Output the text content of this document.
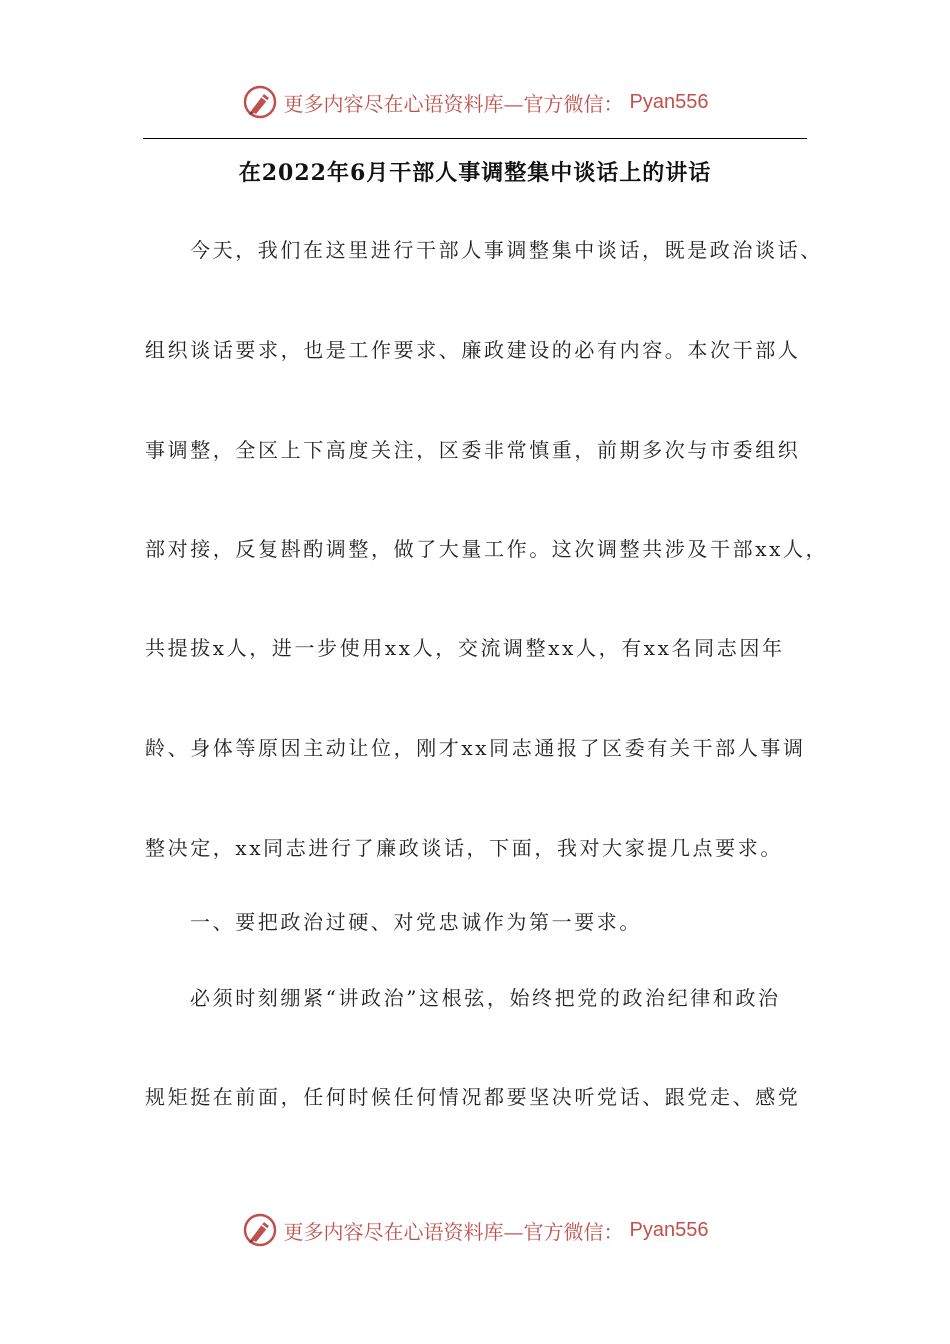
更多内容尽在心语资料库—官方微信： Pyan556
在2022年6月干部人事调整集中谈话上的讲话
今天，我们在这里进行干部人事调整集中谈话，既是政治谈话、
组织谈话要求，也是工作要求、廉政建设的必有内容。本次干部人
事调整，全区上下高度关注，区委非常慎重，前期多次与市委组织
部对接，反复斟酌调整，做了大量工作。这次调整共涉及干部xx人，
共提拔x人，进一步使用xx人，交流调整xx人，有xx名同志因年
龄、身体等原因主动让位，刚才xx同志通报了区委有关干部人事调
整决定，xx同志进行了廉政谈话，下面，我对大家提几点要求。
一、要把政治过硬、对党忠诚作为第一要求。
必须时刻绷紧“讲政治”这根弦，始终把党的政治纪律和政治
规矩挺在前面，任何时候任何情况都要坚决听党话、跟党走、感党
更多内容尽在心语资料库—官方微信： Pyan556
